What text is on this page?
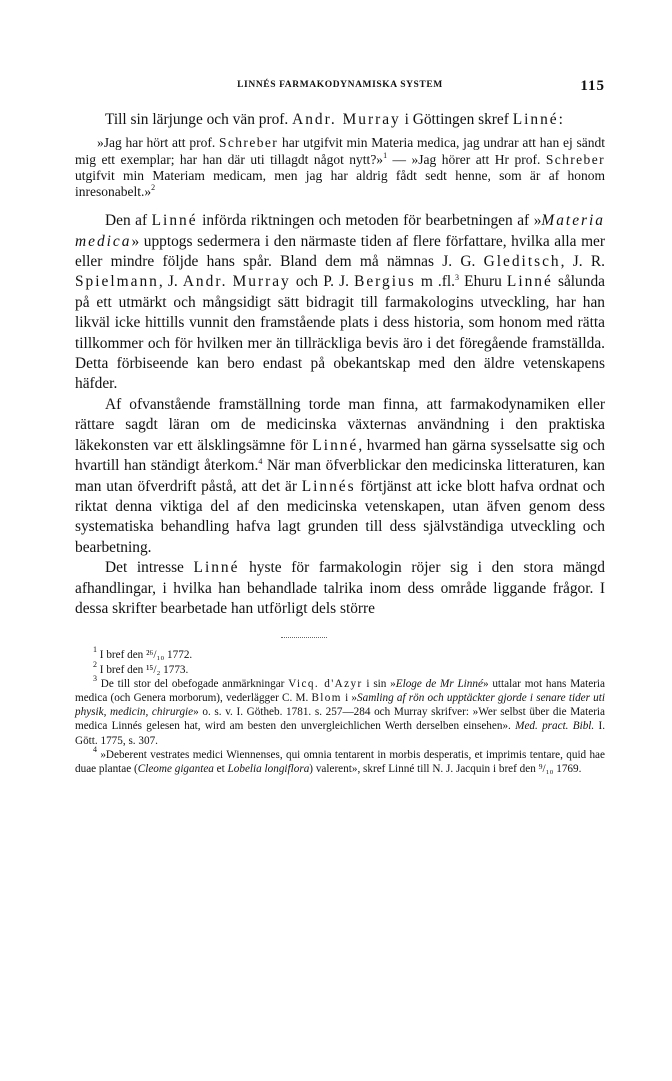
LINNÉS FARMAKODYNAMISKA SYSTEM	115

Till sin lärjunge och vän prof. Andr. Murray i Göttingen skref Linné:

»Jag har hört att prof. Schreber har utgifvit min Materia medica, jag undrar att han ej sändt mig ett exemplar; har han där uti tillagdt något nytt?»$^1$ — »Jag hörer att Hr prof. Schreber utgifvit min Materiam medicam, men jag har aldrig fådt sedt henne, som är af honom inresonabelt.»$^2$

Den af Linné införda riktningen och metoden för bearbetningen af »Materia medica» upptogs sedermera i den närmaste tiden af flere författare, hvilka alla mer eller mindre följde hans spår. Bland dem må nämnas J. G. Gleditsch, J. R. Spielmann, J. Andr. Murray och P. J. Bergius m .fl.$^3$ Ehuru Linné sålunda på ett utmärkt och mångsidigt sätt bidragit till farmakologins utveckling, har han likväl icke hittills vunnit den framstående plats i dess historia, som honom med rätta tillkommer och för hvilken mer än tillräckliga bevis äro i det föregående framställda. Detta förbiseende kan bero endast på obekantskap med den äldre vetenskapens häfder.

Af ofvanstående framställning torde man finna, att farmakodynamiken eller rättare sagdt läran om de medicinska växternas användning i den praktiska läkekonsten var ett älsklingsämne för Linné, hvarmed han gärna sysselsatte sig och hvartill han ständigt återkom.$^4$ När man öfverblickar den medicinska litteraturen, kan man utan öfverdrift påstå, att det är Linnés förtjänst att icke blott hafva ordnat och riktat denna viktiga del af den medicinska vetenskapen, utan äfven genom dess systematiska behandling hafva lagt grunden till dess självständiga utveckling och bearbetning.

Det intresse Linné hyste för farmakologin röjer sig i den stora mängd afhandlingar, i hvilka han behandlade talrika inom dess område liggande frågor. I dessa skrifter bearbetade han utförligt dels större

$^1$ I bref den ²⁶/₁₀ 1772.

$^2$ I bref den ¹⁵/₂ 1773.

$^3$ De till stor del obefogade anmärkningar Vicq. d'Azyr i sin »Eloge de Mr Linné» uttalar mot hans Materia medica (och Genera morborum), vederlägger C. M. Blom i »Samling af rön och upptäckter gjorde i senare tider uti physik, medicin, chirurgie» o. s. v. I. Götheb. 1781. s. 257—284 och Murray skrifver: »Wer selbst über die Materia medica Linnés gelesen hat, wird am besten den unvergleichlichen Werth derselben einsehen». Med. pract. Bibl. I. Gött. 1775, s. 307.

$^4$ »Deberent vestrates medici Wiennenses, qui omnia tentarent in morbis desperatis, et imprimis tentare, quid hae duae plantae (Cleome gigantea et Lobelia longiflora) valerent», skref Linné till N. J. Jacquin i bref den ⁹/₁₀ 1769.
